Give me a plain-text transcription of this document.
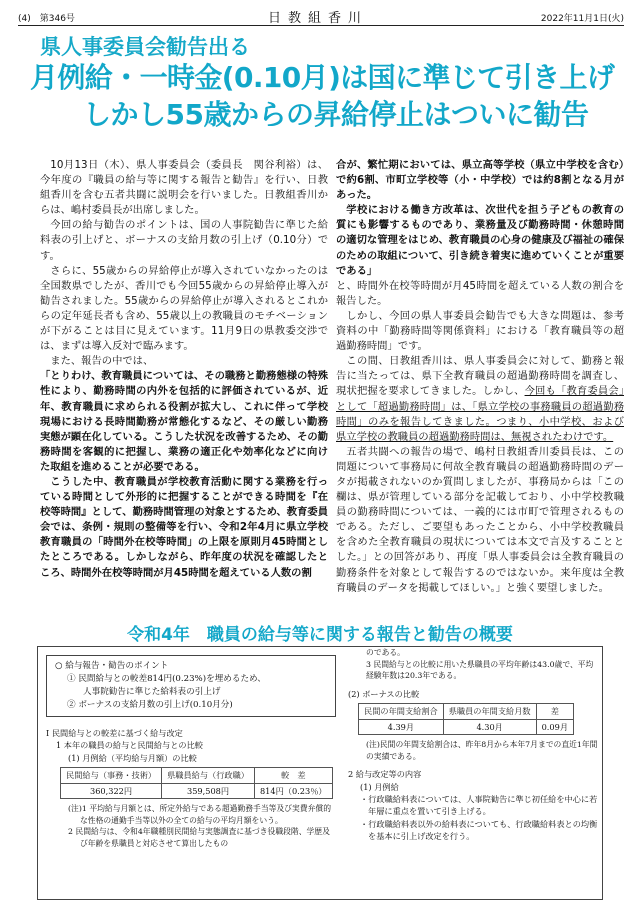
(4)　第346号	日教組香川	2022年11月1日(火)
県人事委員会勧告出る
月例給・一時金(0.10月)は国に準じて引き上げ
しかし55歳からの昇給停止はついに勧告

10月13日（木）、県人事委員会（委員長　関谷利裕）は、今年度の『職員の給与等に関する報告と勧告』を行い、日教組香川を含む五者共闘に説明会を行いました。日教組香川からは、嶋村委員長が出席しました。

今回の給与勧告のポイントは、国の人事院勧告に準じた給料表の引上げと、ボーナスの支給月数の引上げ（0.10分）です。

さらに、55歳からの昇給停止が導入されていなかったのは全国数県でしたが、香川でも今回55歳からの昇給停止導入が勧告されました。55歳からの昇給停止が導入されるとこれからの定年延長者も含め、55歳以上の教職員のモチベーションが下がることは目に見えています。11月9日の県教委交渉では、まずは導入反対で臨みます。

また、報告の中では、

「とりわけ、教育職員については、その職務と勤務態様の特殊性により、勤務時間の内外を包括的に評価されているが、近年、教育職員に求められる役割が拡大し、これに伴って学校現場における長時間勤務が常態化するなど、その厳しい勤務実態が顕在化している。こうした状況を改善するため、その勤務時間を客観的に把握し、業務の適正化や効率化などに向けた取組を進めることが必要である。

こうした中、教育職員が学校教育活動に関する業務を行っている時間として外形的に把握することができる時間を『在校等時間』として、勤務時間管理の対象とするため、教育委員会では、条例・規則の整備等を行い、令和2年4月に県立学校教育職員の「時間外在校等時間」の上限を原則月45時間としたところである。しかしながら、昨年度の状況を確認したところ、時間外在校等時間が月45時間を超えている人数の割

合が、繁忙期においては、県立高等学校（県立中学校を含む）で約6割、市町立学校等（小・中学校）では約8割となる月があった。

学校における働き方改革は、次世代を担う子どもの教育の質にも影響するものであり、業務量及び勤務時間・休憩時間の適切な管理をはじめ、教育職員の心身の健康及び福祉の確保のための取組について、引き続き着実に進めていくことが重要である」

と、時間外在校等時間が月45時間を超えている人数の割合を報告した。

しかし、今回の県人事委員会勧告でも大きな問題は、参考資料の中「勤務時間等関係資料」における「教育職員等の超過勤務時間」です。

この間、日教組香川は、県人事委員会に対して、勤務と報告に当たっては、県下全教育職員の超過勤務時間を調査し、現状把握を要求してきました。しかし、今回も「教育委員会」として「超過勤務時間」は、「県立学校の事務職員の超過勤務時間」のみを報告してきました。つまり、小中学校、および県立学校の教職員の超過勤務時間は、無視されたわけです。

五者共闘への報告の場で、嶋村日教組香川委員長は、この問題について事務局に何故全教育職員の超過勤務時間のデータが掲載されないのか質問しましたが、事務局からは「この欄は、県が管理している部分を記載しており、小中学校教職員の勤務時間については、一義的には市町で管理されるものである。ただし、ご要望もあったことから、小中学校教職員を含めた全教育職員の現状については本文で言及することとした。」との回答があり、再度「県人事委員会は全教育職員の勤務条件を対象として報告するのではないか。来年度は全教育職員のデータを掲載してほしい。」と強く要望しました。

令和4年　職員の給与等に関する報告と勧告の概要
○ 給与報告・勧告のポイント
① 民間給与との較差814円(0.23%)を埋めるため、
人事院勧告に準じた給料表の引上げ
② ボーナスの支給月数の引上げ(0.10月分)
Ⅰ 民間給与との較差に基づく給与改定
1 本年の職員の給与と民間給与との比較
(1) 月例給（平均給与月額）の比較
民間給与（事務・技術）	県職員給与（行政職）	較　差
360,322円	359,508円	814円（0.23％）
(注)1 平均給与月額とは、所定外給与である超過勤務手当等及び実費弁償的な性格の通勤手当等以外の全ての給与の平均月額をいう。
2 民間給与は、令和4年職種別民間給与実態調査に基づき役職段階、学歴及び年齢を県職員と対応させて算出したもの
のである。
3 民間給与との比較に用いた県職員の平均年齢は43.0歳で、平均経験年数は20.3年である。
(2) ボーナスの比較
民間の年間支給割合	県職員の年間支給月数	差
4.39月	4.30月	0.09月
(注)民間の年間支給割合は、昨年8月から本年7月までの直近1年間の実績である。
2 給与改定等の内容
(1) 月例給
・行政職給料表については、人事院勧告に準じ初任給を中心に若年層に重点を置いて引き上げる。
・行政職給料表以外の給料表についても、行政職給料表との均衡を基本に引上げ改定を行う。
